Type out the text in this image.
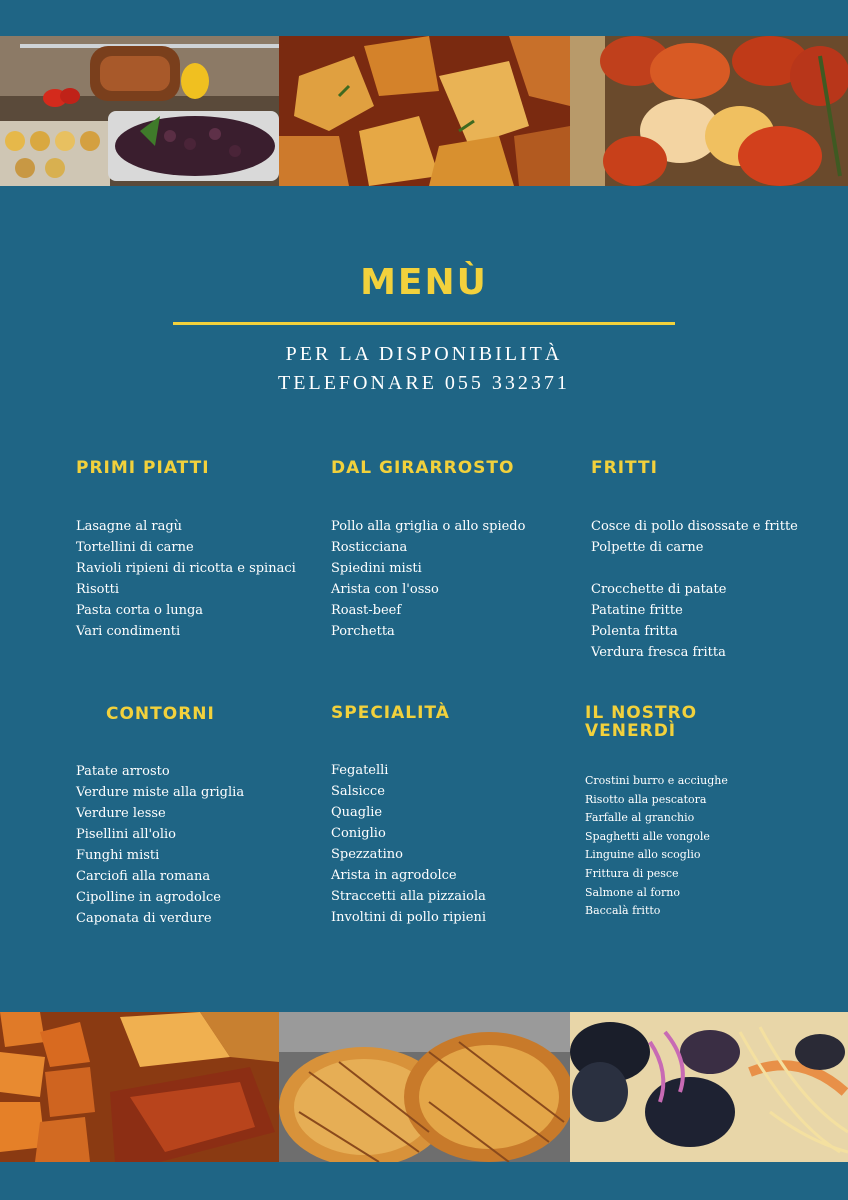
MENÙ
PER LA DISPONIBILITÀ
TELEFONARE 055 332371
PRIMI PIATTI
Lasagne al ragù
Tortellini di carne
Ravioli ripieni di ricotta e spinaci
Risotti
Pasta corta o lunga
Vari condimenti
DAL GIRARROSTO
Pollo alla griglia o allo spiedo
Rosticciana
Spiedini misti
Arista con l'osso
Roast-beef
Porchetta
FRITTI
Cosce di pollo disossate e fritte
Polpette di carne
Crocchette di patate
Patatine fritte
Polenta fritta
Verdura fresca fritta
CONTORNI
Patate arrosto
Verdure miste alla griglia
Verdure lesse
Pisellini all'olio
Funghi misti
Carciofi alla romana
Cipolline in agrodolce
Caponata di verdure
SPECIALITÀ
Fegatelli
Salsicce
Quaglie
Coniglio
Spezzatino
Arista in agrodolce
Straccetti alla pizzaiola
Involtini di pollo ripieni
IL NOSTRO
VENERDÌ
Crostini burro e acciughe
Risotto alla pescatora
Farfalle al granchio
Spaghetti alle vongole
Linguine allo scoglio
Frittura di pesce
Salmone al forno
Baccalà fritto
